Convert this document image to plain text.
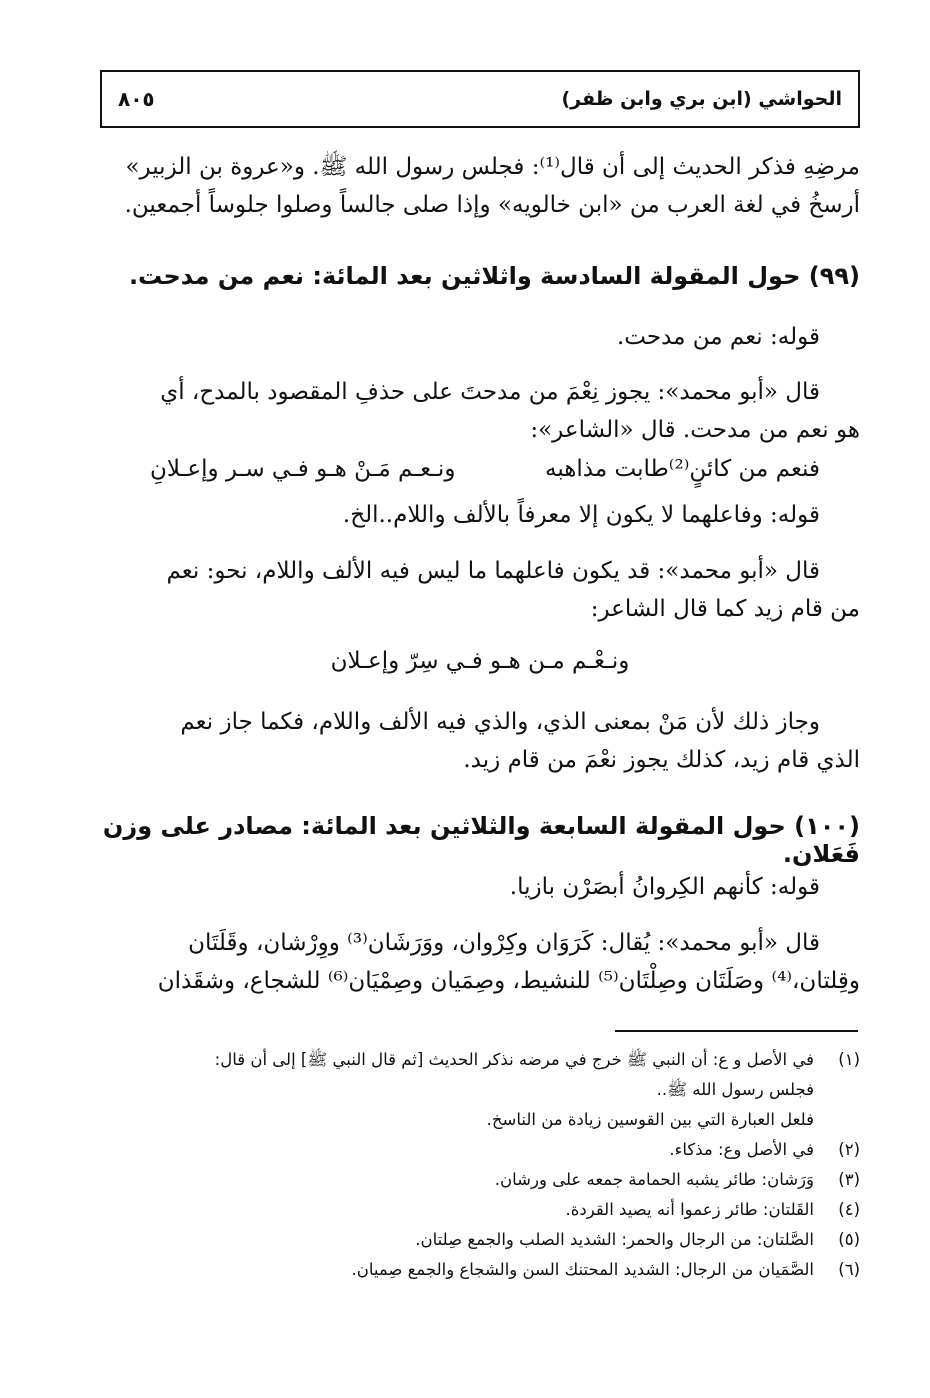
الحواشي (ابن بري وابن ظفر)
٨٠٥

مرضِهِ فذكر الحديث إلى أن قال⁽¹⁾: فجلس رسول الله ﷺ. و«عروة بن الزبير»

أرسخُ في لغة العرب من «ابن خالويه» وإذا صلى جالساً وصلوا جلوساً أجمعين.

(٩٩) حول المقولة السادسة واثلاثين بعد المائة: نعم من مدحت.

قوله: نعم من مدحت.

قال «أبو محمد»: يجوز نِعْمَ من مدحتَ على حذفِ المقصود بالمدح، أي

هو نعم من مدحت. قال «الشاعر»:

فنعم من كائنٍ⁽²⁾طابت مذاهبه
ونـعـم مَـنْ هـو فـي سـر وإعـلانِ

قوله: وفاعلهما لا يكون إلا معرفاً بالألف واللام..الخ.

قال «أبو محمد»: قد يكون فاعلهما ما ليس فيه الألف واللام، نحو: نعم

من قام زيد كما قال الشاعر:

ونـعْـم مـن هـو فـي سِرّ وإعـلان

وجاز ذلك لأن مَنْ بمعنى الذي، والذي فيه الألف واللام، فكما جاز نعم

الذي قام زيد، كذلك يجوز نعْمَ من قام زيد.

(١٠٠) حول المقولة السابعة والثلاثين بعد المائة: مصادر على وزن فَعَلان.

قوله: كأنهم الكِروانُ أبصَرْن بازيا.

قال «أبو محمد»: يُقال: كَرَوَان وكِرْوان، ووَرَشَان⁽³⁾ ووِرْشان، وقَلَتَان

وقِلتان،⁽⁴⁾ وصَلَتَان وصِلْتَان⁽⁵⁾ للنشيط، وصِمَيان وصِمْيَان⁽⁶⁾ للشجاع، وشقَذان

(١)
في الأصل و ع: أن النبي ﷺ خرج في مرضه نذكر الحديث [ثم قال النبي ﷺ] إلى أن قال:
فجلس رسول الله ﷺ..
فلعل العبارة التي بين القوسين زيادة من الناسخ.
(٢)
في الأصل وع: مذكاء.
(٣)
وَرَشان: طائر يشبه الحمامة جمعه على ورشان.
(٤)
القَلتان: طائر زعموا أنه يصيد القردة.
(٥)
الصَّلتان: من الرجال والحمر: الشديد الصلب والجمع صِلتان.
(٦)
الصَّمَيان من الرجال: الشديد المحتنك السن والشجاع والجمع صِميان.
